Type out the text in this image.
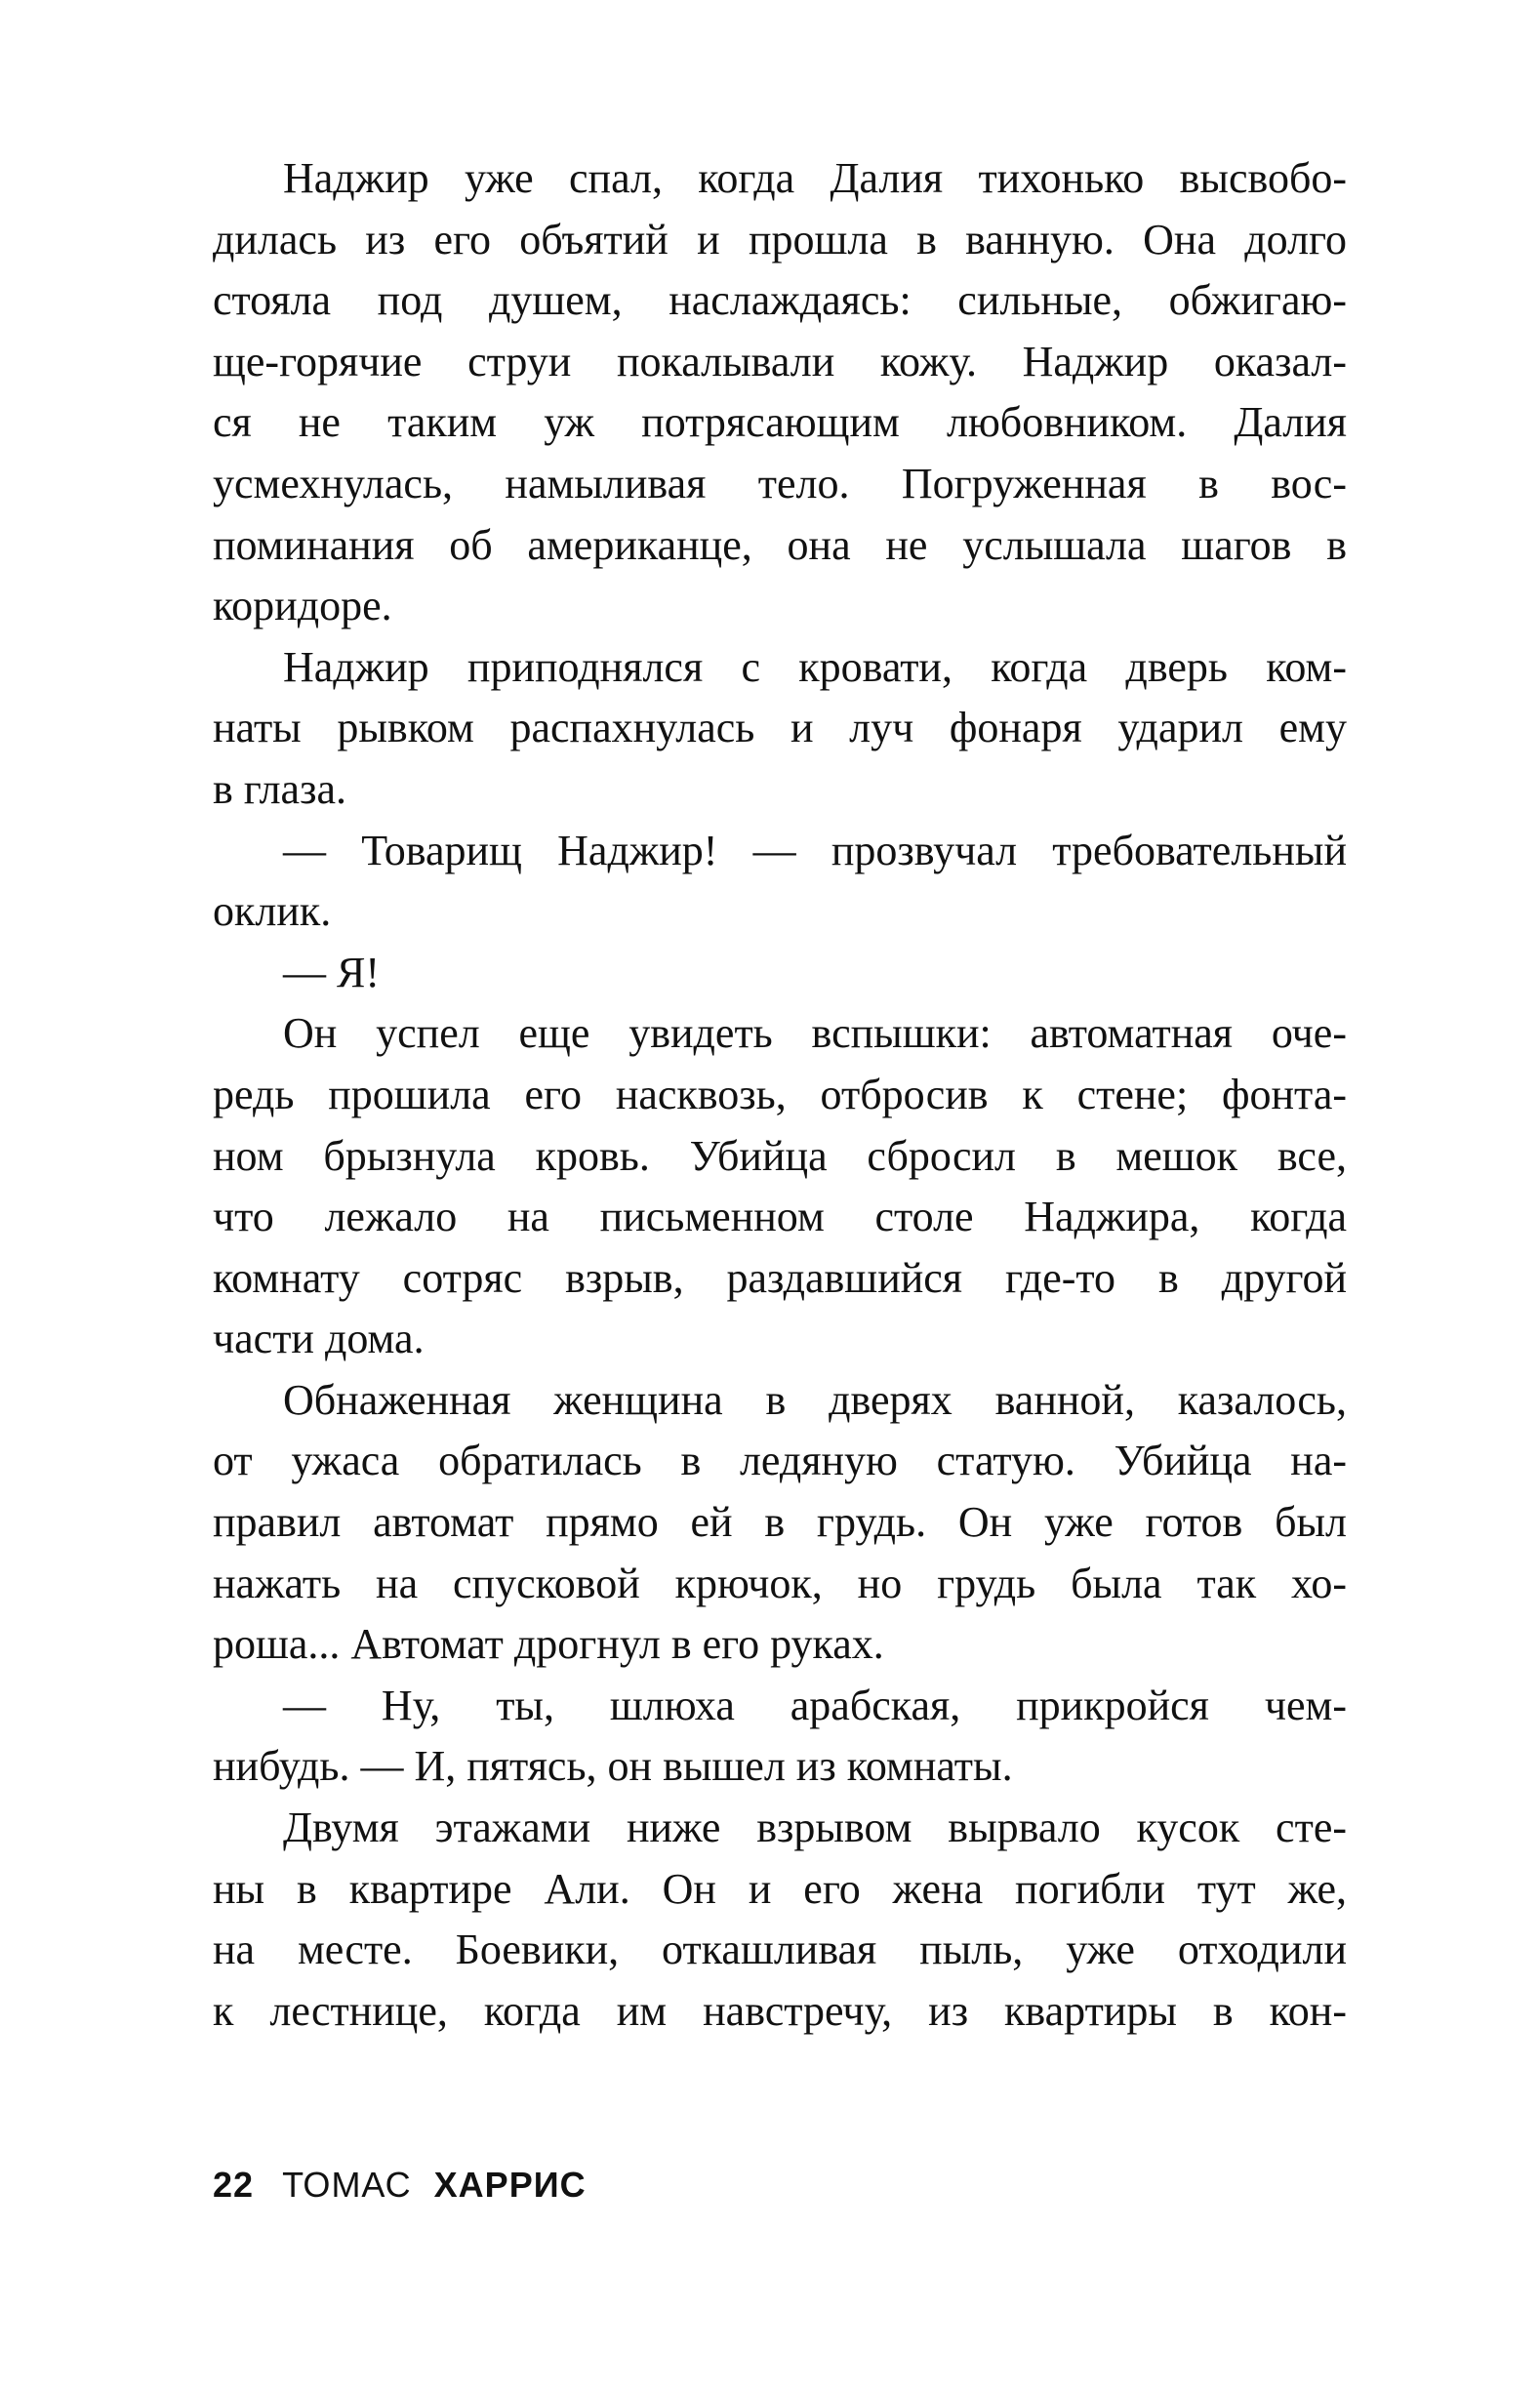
Наджир уже спал, когда Далия тихонько высвобо-
дилась из его объятий и прошла в ванную. Она долго
стояла под душем, наслаждаясь: сильные, обжигаю-
ще-горячие струи покалывали кожу. Наджир оказал-
ся не таким уж потрясающим любовником. Далия
усмехнулась, намыливая тело. Погруженная в вос-
поминания об американце, она не услышала шагов в
коридоре.
Наджир приподнялся с кровати, когда дверь ком-
наты рывком распахнулась и луч фонаря ударил ему
в глаза.
— Товарищ Наджир! — прозвучал требовательный
оклик.
— Я!
Он успел еще увидеть вспышки: автоматная оче-
редь прошила его насквозь, отбросив к стене; фонта-
ном брызнула кровь. Убийца сбросил в мешок все,
что лежало на письменном столе Наджира, когда
комнату сотряс взрыв, раздавшийся где-то в другой
части дома.
Обнаженная женщина в дверях ванной, казалось,
от ужаса обратилась в ледяную статую. Убийца на-
правил автомат прямо ей в грудь. Он уже готов был
нажать на спусковой крючок, но грудь была так хо-
роша... Автомат дрогнул в его руках.
— Ну, ты, шлюха арабская, прикройся чем-
нибудь. — И, пятясь, он вышел из комнаты.
Двумя этажами ниже взрывом вырвало кусок сте-
ны в квартире Али. Он и его жена погибли тут же,
на месте. Боевики, откашливая пыль, уже отходили
к лестнице, когда им навстречу, из квартиры в кон-
22 ТОМАС ХАРРИС
